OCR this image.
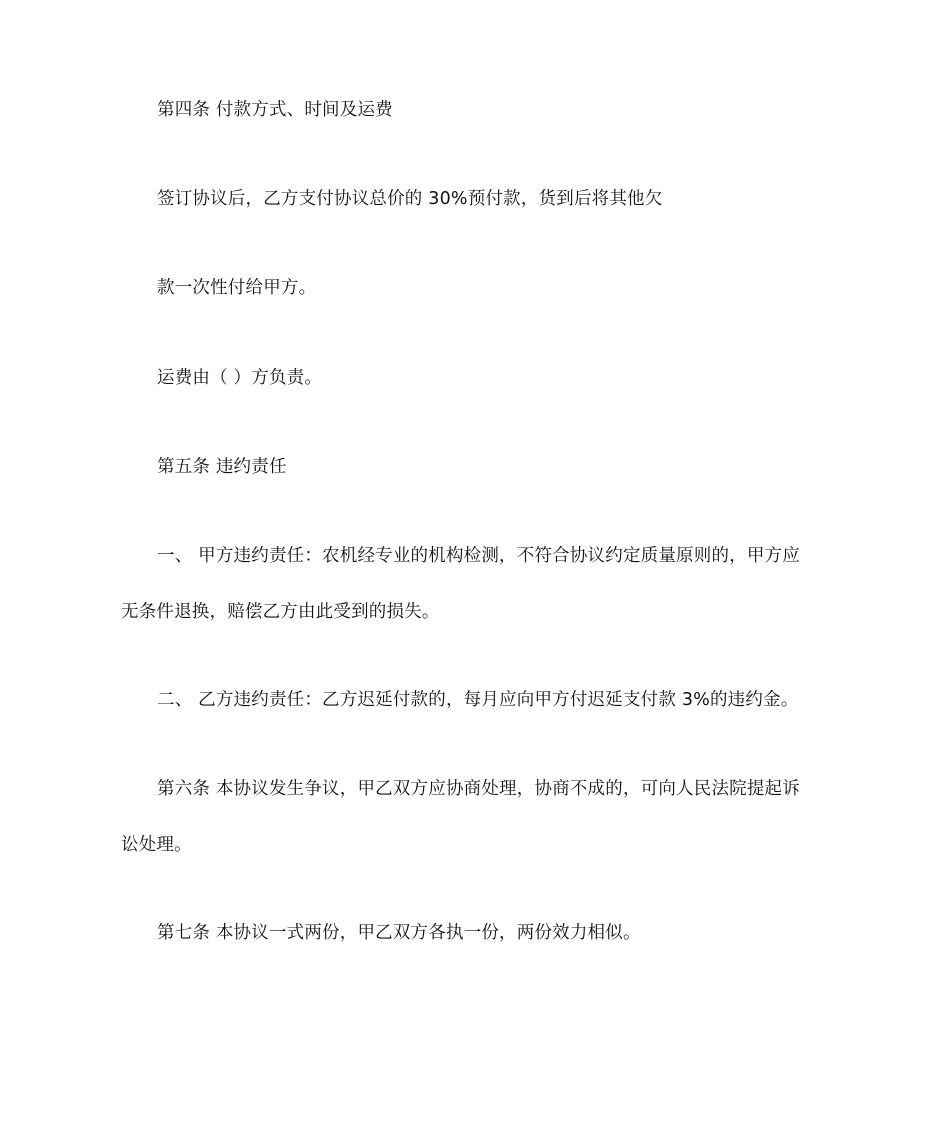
第四条 付款方式、时间及运费
签订协议后，乙方支付协议总价的 30%预付款，货到后将其他欠
款一次性付给甲方。
运费由（ ）方负责。
第五条 违约责任
一、 甲方违约责任：农机经专业的机构检测，不符合协议约定质量原则的，甲方应
无条件退换，赔偿乙方由此受到的损失。
二、 乙方违约责任：乙方迟延付款的，每月应向甲方付迟延支付款 3%的违约金。
第六条 本协议发生争议，甲乙双方应协商处理，协商不成的，可向人民法院提起诉
讼处理。
第七条 本协议一式两份，甲乙双方各执一份，两份效力相似。
